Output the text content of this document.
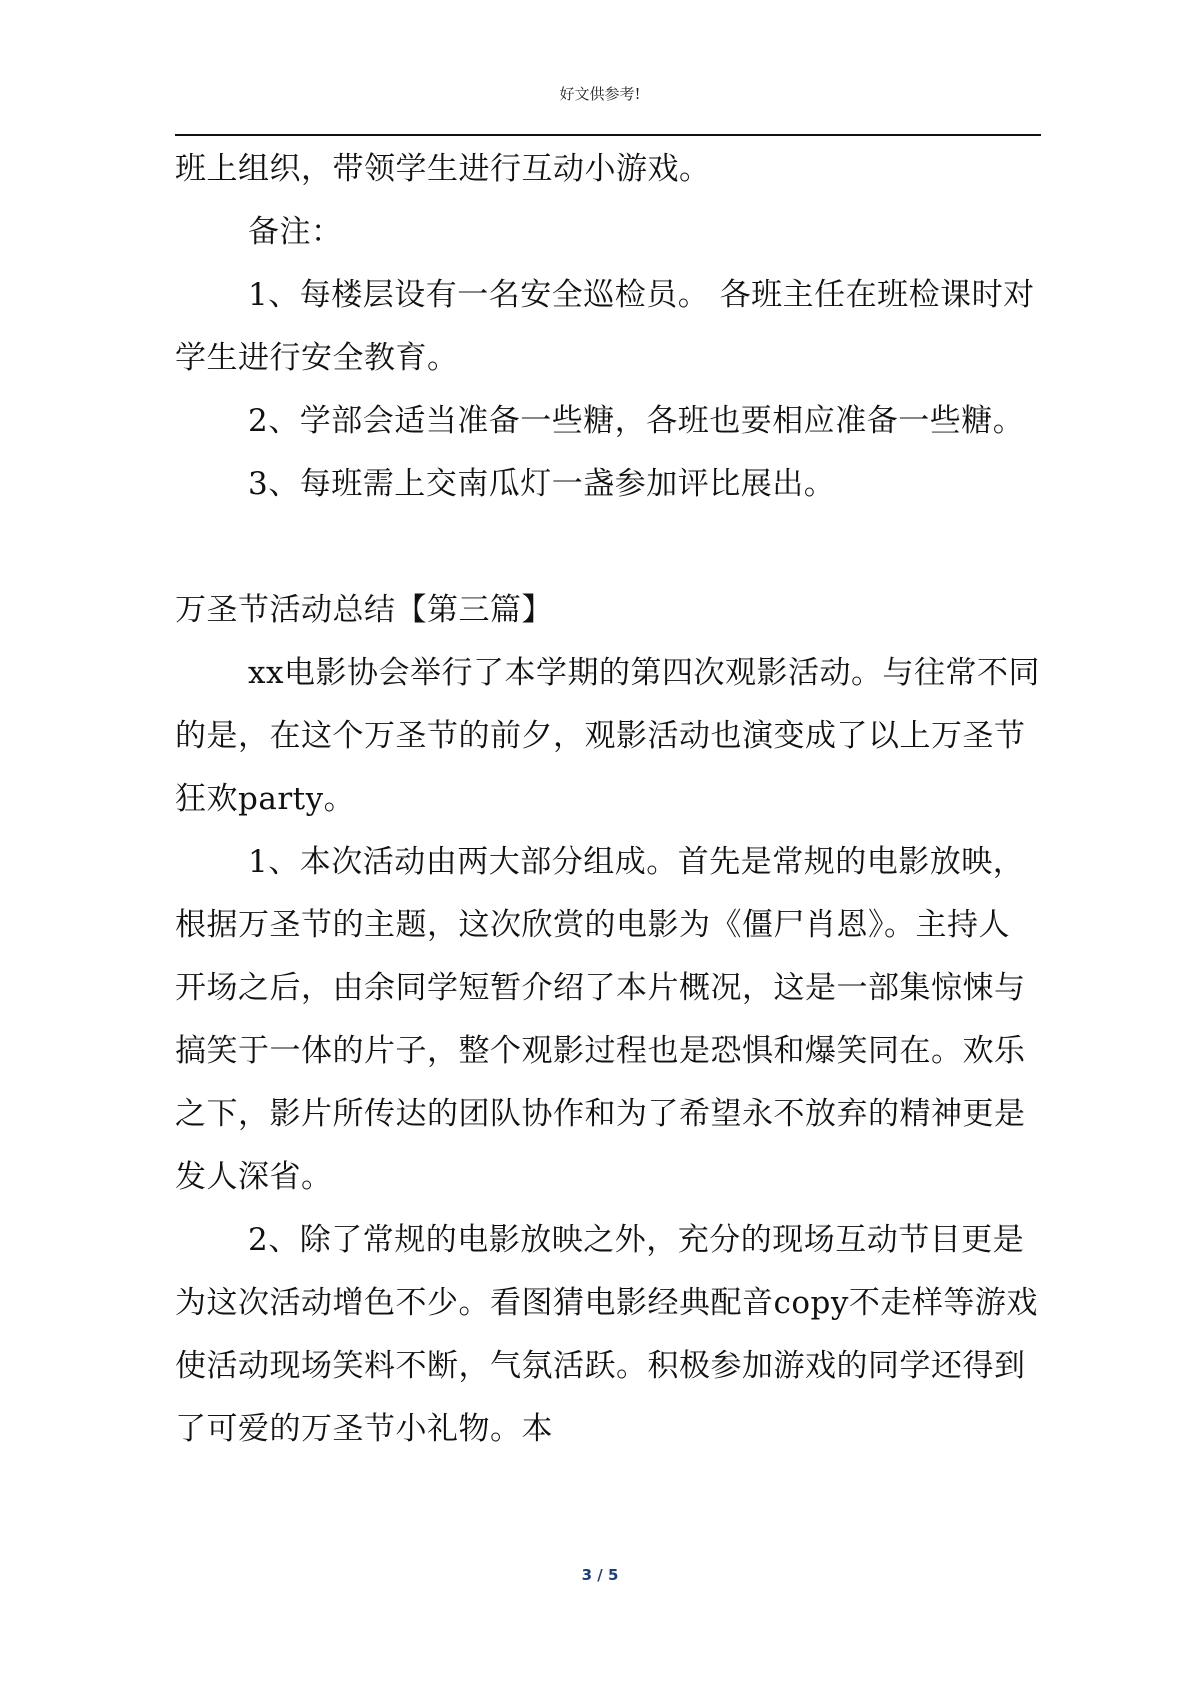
好文供参考!

班上组织，带领学生进行互动小游戏。

备注：

1、每楼层设有一名安全巡检员。 各班主任在班检课时对学生进行安全教育。

2、学部会适当准备一些糖，各班也要相应准备一些糖。

3、每班需上交南瓜灯一盏参加评比展出。

万圣节活动总结【第三篇】

xx电影协会举行了本学期的第四次观影活动。与往常不同的是，在这个万圣节的前夕，观影活动也演变成了以上万圣节狂欢party。

1、本次活动由两大部分组成。首先是常规的电影放映，根据万圣节的主题，这次欣赏的电影为《僵尸肖恩》。主持人开场之后，由余同学短暂介绍了本片概况，这是一部集惊悚与搞笑于一体的片子，整个观影过程也是恐惧和爆笑同在。欢乐之下，影片所传达的团队协作和为了希望永不放弃的精神更是发人深省。

2、除了常规的电影放映之外，充分的现场互动节目更是为这次活动增色不少。看图猜电影经典配音copy不走样等游戏使活动现场笑料不断，气氛活跃。积极参加游戏的同学还得到了可爱的万圣节小礼物。本

3 / 5
